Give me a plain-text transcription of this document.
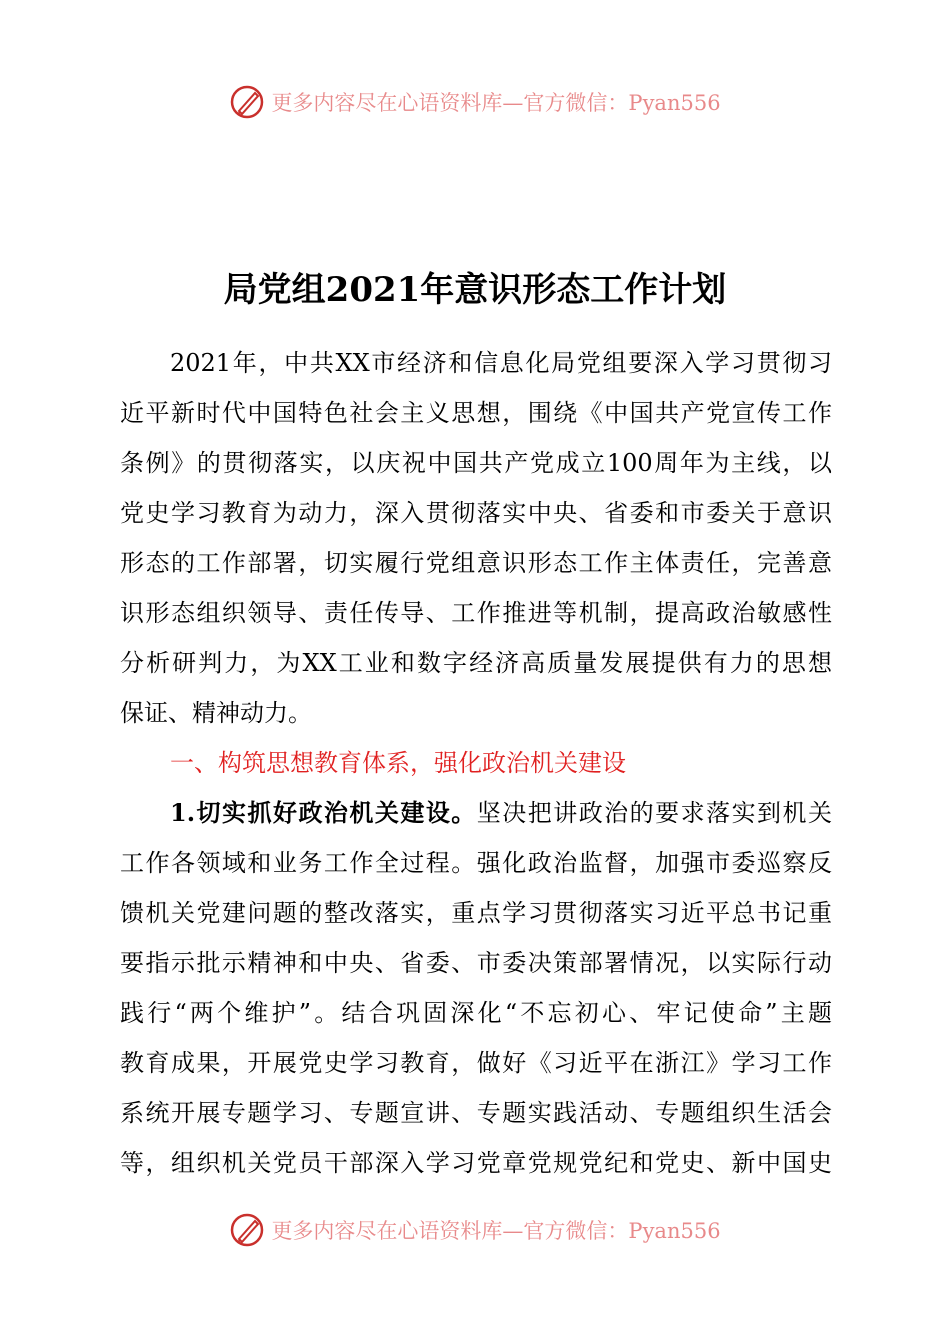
更多内容尽在心语资料库—官方微信：Pyan556
局党组2021年意识形态工作计划
2021年，中共XX市经济和信息化局党组要深入学习贯彻习
近平新时代中国特色社会主义思想，围绕《中国共产党宣传工作
条例》的贯彻落实，以庆祝中国共产党成立100周年为主线，以
党史学习教育为动力，深入贯彻落实中央、省委和市委关于意识
形态的工作部署，切实履行党组意识形态工作主体责任，完善意
识形态组织领导、责任传导、工作推进等机制，提高政治敏感性
分析研判力，为XX工业和数字经济高质量发展提供有力的思想
保证、精神动力。
一、构筑思想教育体系，强化政治机关建设
1.切实抓好政治机关建设。坚决把讲政治的要求落实到机关
工作各领域和业务工作全过程。强化政治监督，加强市委巡察反
馈机关党建问题的整改落实，重点学习贯彻落实习近平总书记重
要指示批示精神和中央、省委、市委决策部署情况，以实际行动
践行“两个维护”。结合巩固深化“不忘初心、牢记使命”主题
教育成果，开展党史学习教育，做好《习近平在浙江》学习工作
系统开展专题学习、专题宣讲、专题实践活动、专题组织生活会
等，组织机关党员干部深入学习党章党规党纪和党史、新中国史
更多内容尽在心语资料库—官方微信：Pyan556
